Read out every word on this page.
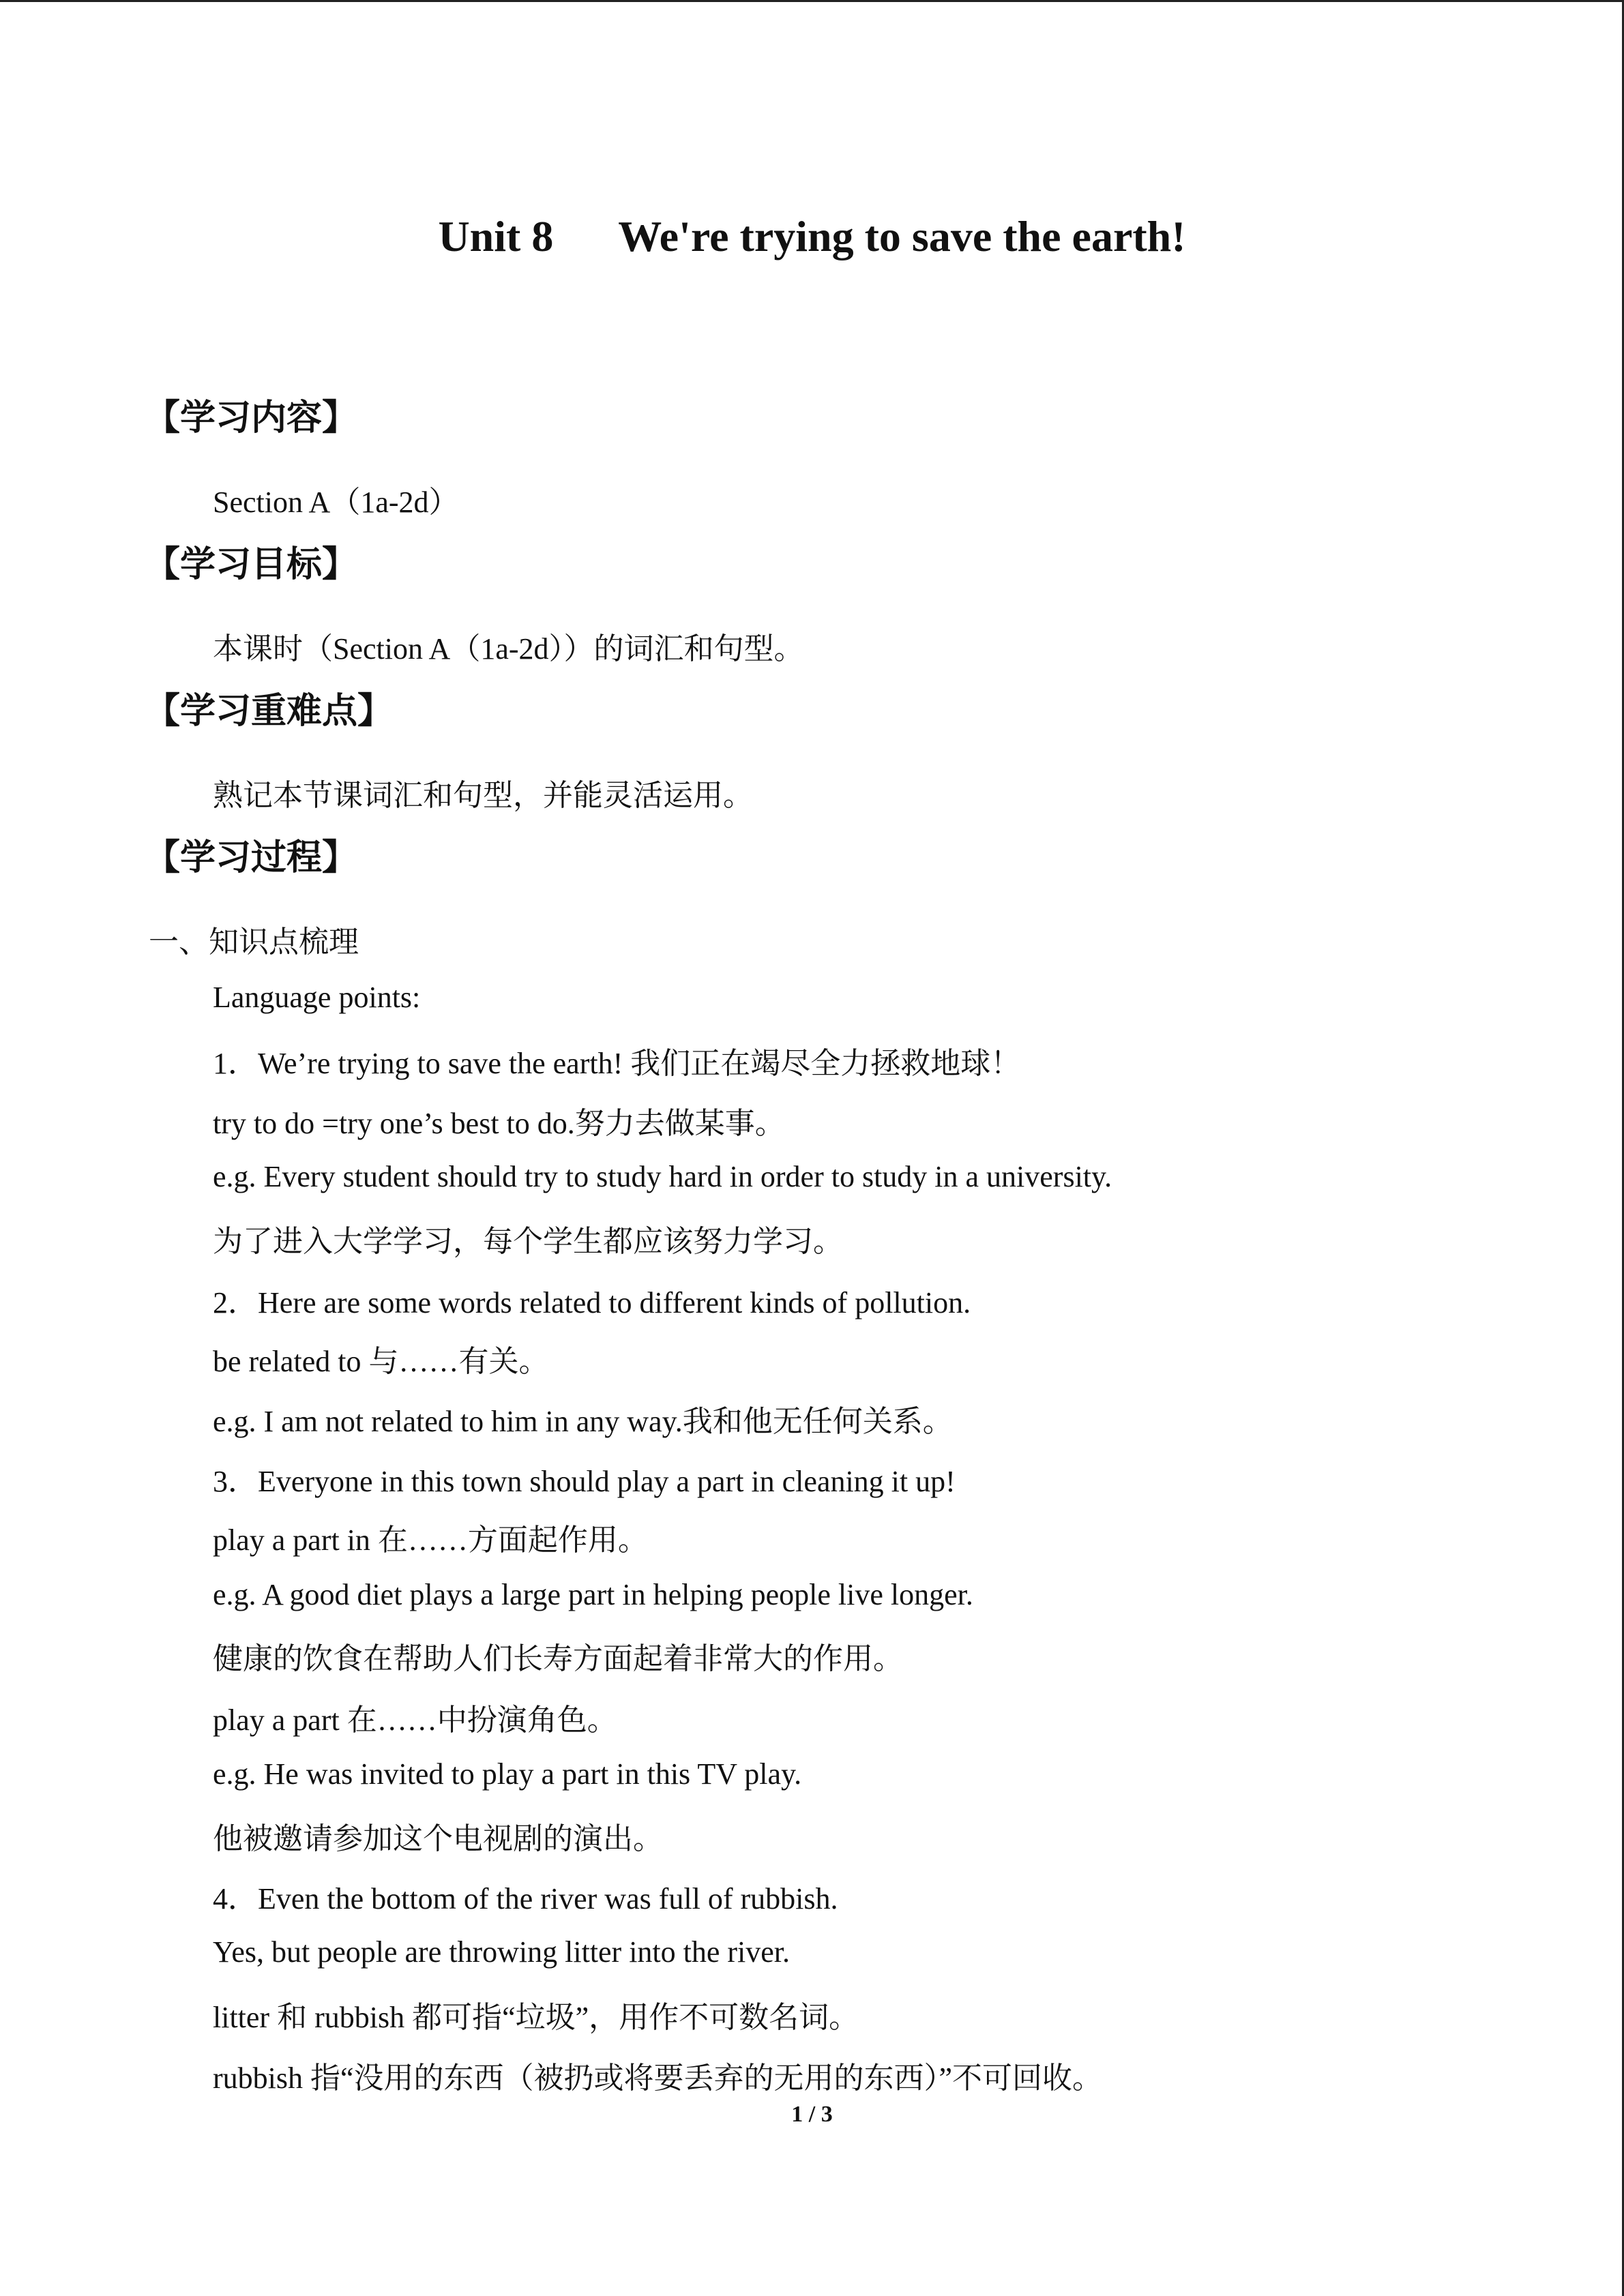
Unit 8      We're trying to save the earth!
【学习内容】
Section A（1a-2d）
【学习目标】
本课时（Section A（1a-2d））的词汇和句型。
【学习重难点】
熟记本节课词汇和句型，并能灵活运用。
【学习过程】
一、知识点梳理
Language points:
1．We’re trying to save the earth! 我们正在竭尽全力拯救地球！
try to do =try one’s best to do.努力去做某事。
e.g. Every student should try to study hard in order to study in a university.
为了进入大学学习，每个学生都应该努力学习。
2．Here are some words related to different kinds of pollution.
be related to 与……有关。
e.g. I am not related to him in any way.我和他无任何关系。
3．Everyone in this town should play a part in cleaning it up!
play a part in 在……方面起作用。
e.g. A good diet plays a large part in helping people live longer.
健康的饮食在帮助人们长寿方面起着非常大的作用。
play a part 在……中扮演角色。
e.g. He was invited to play a part in this TV play.
他被邀请参加这个电视剧的演出。
4．Even the bottom of the river was full of rubbish.
Yes, but people are throwing litter into the river.
litter 和 rubbish 都可指“垃圾”，用作不可数名词。
rubbish 指“没用的东西（被扔或将要丢弃的无用的东西）”不可回收。
1 / 3
